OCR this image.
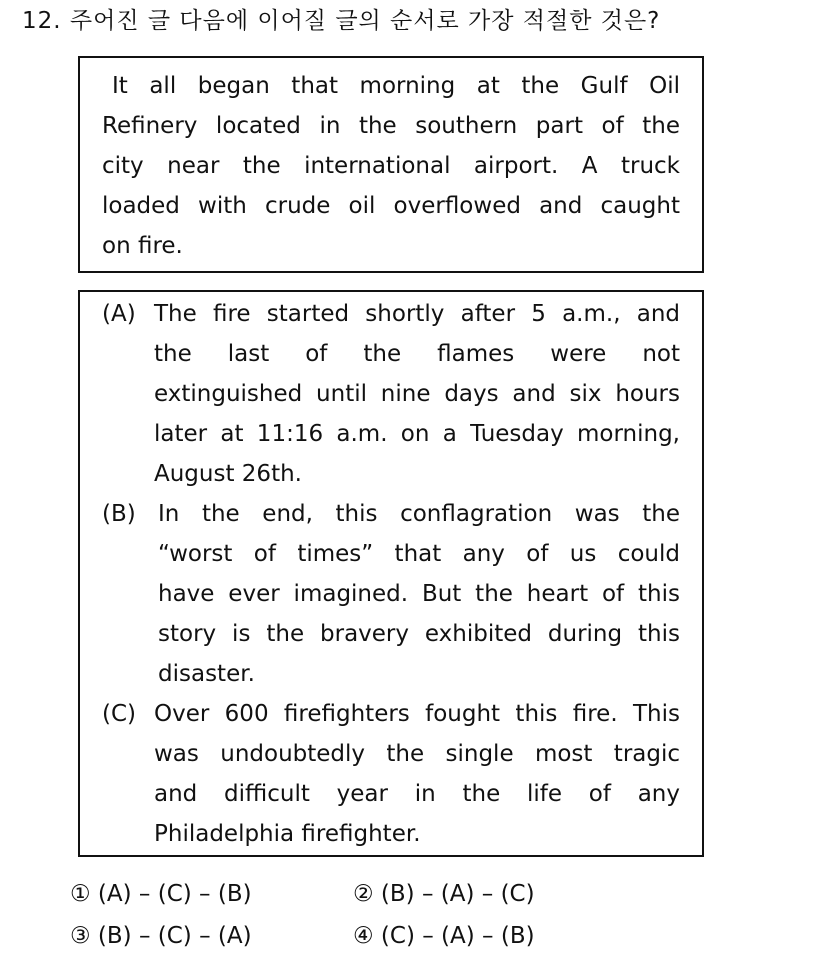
12. 주어진 글 다음에 이어질 글의 순서로 가장 적절한 것은?
It all began that morning at the Gulf Oil
Refinery located in the southern part of the
city near the international airport. A truck
loaded with crude oil overflowed and caught
on fire.
(A) The fire started shortly after 5 a.m., and
the last of the flames were not
extinguished until nine days and six hours
later at 11:16 a.m. on a Tuesday morning,
August 26th.
(B) In the end, this conflagration was the
“worst of times” that any of us could
have ever imagined. But the heart of this
story is the bravery exhibited during this
disaster.
(C) Over 600 firefighters fought this fire. This
was undoubtedly the single most tragic
and difficult year in the life of any
Philadelphia firefighter.
① (A) – (C) – (B)	② (B) – (A) – (C)
③ (B) – (C) – (A)	④ (C) – (A) – (B)
